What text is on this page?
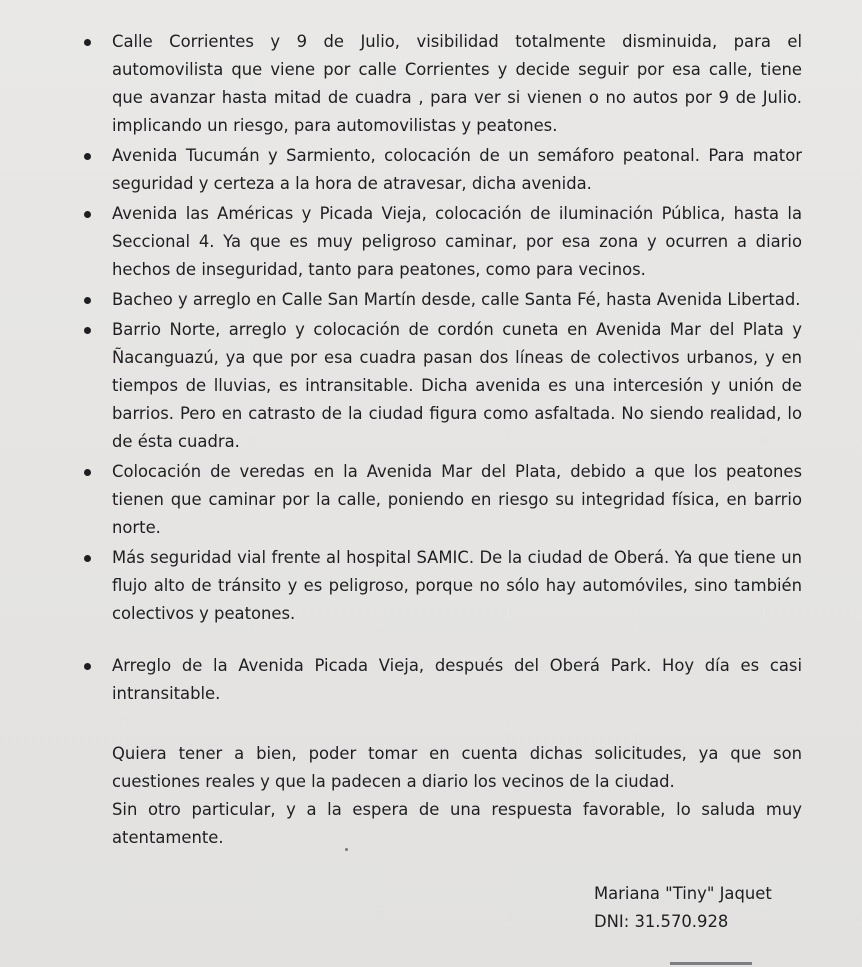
Calle Corrientes y 9 de Julio, visibilidad totalmente disminuida, para el automovilista que viene por calle Corrientes y decide seguir por esa calle, tiene que avanzar hasta mitad de cuadra , para ver si vienen o no autos por 9 de Julio. implicando un riesgo, para automovilistas y peatones.
Avenida Tucumán y Sarmiento, colocación de un semáforo peatonal. Para mator seguridad y certeza a la hora de atravesar, dicha avenida.
Avenida las Américas y Picada Vieja, colocación de iluminación Pública, hasta la Seccional 4. Ya que es muy peligroso caminar, por esa zona y ocurren a diario hechos de inseguridad, tanto para peatones, como para vecinos.
Bacheo y arreglo en Calle San Martín desde, calle Santa Fé, hasta Avenida Libertad.
Barrio Norte, arreglo y colocación de cordón cuneta en Avenida Mar del Plata y Ñacanguazú, ya que por esa cuadra pasan dos líneas de colectivos urbanos, y en tiempos de lluvias, es intransitable. Dicha avenida es una intercesión y unión de barrios. Pero en catrasto de la ciudad figura como asfaltada. No siendo realidad, lo de ésta cuadra.
Colocación de veredas en la Avenida Mar del Plata, debido a que los peatones tienen que caminar por la calle, poniendo en riesgo su integridad física, en barrio norte.
Más seguridad vial frente al hospital SAMIC. De la ciudad de Oberá. Ya que tiene un flujo alto de tránsito y es peligroso, porque no sólo hay automóviles, sino también colectivos y peatones.
Arreglo de la Avenida Picada Vieja, después del Oberá Park. Hoy día es casi intransitable.

Quiera tener a bien, poder tomar en cuenta dichas solicitudes, ya que son cuestiones reales y que la padecen a diario los vecinos de la ciudad.

Sin otro particular, y a la espera de una respuesta favorable, lo saluda muy atentamente.

Mariana "Tiny" Jaquet
DNI: 31.570.928
